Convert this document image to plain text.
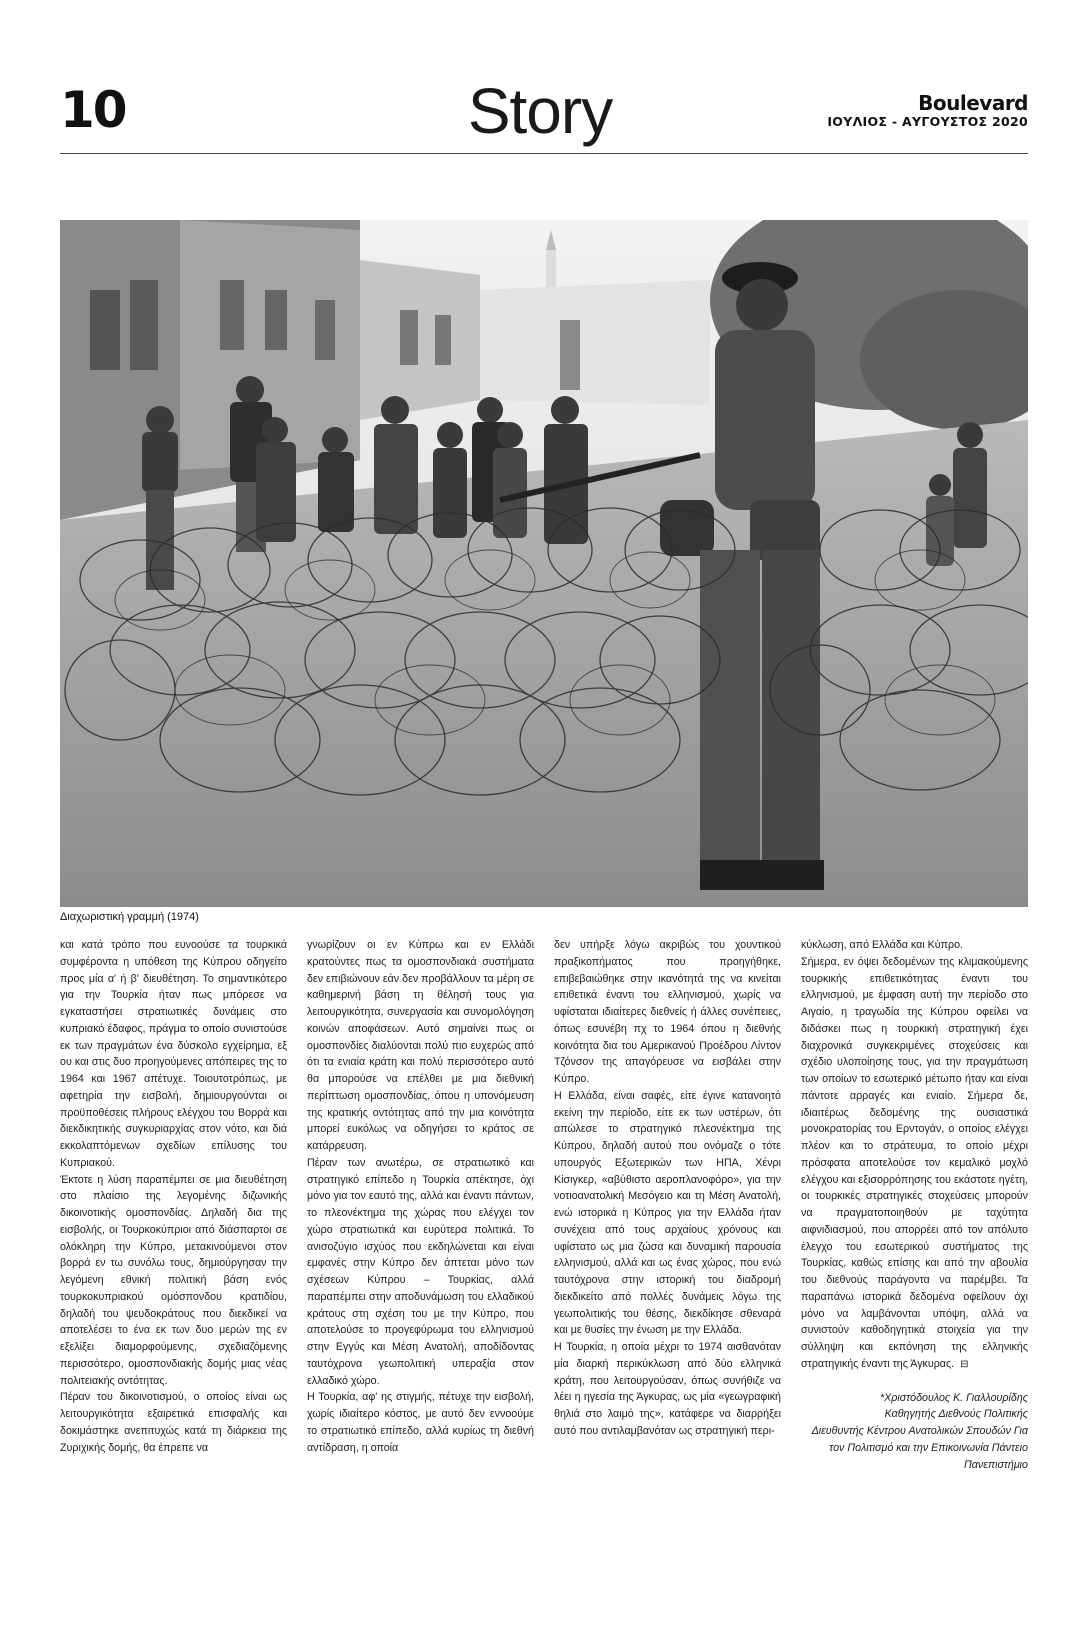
10	Story	Boulevard
ΙΟΥΛΙΟΣ - ΑΥΓΟΥΣΤΟΣ 2020
Διαχωριστική γραμμή (1974)

και κατά τρόπο που ευνοούσε τα τουρκικά συμφέροντα η υπόθεση της Κύπρου οδηγείτο προς μία α' ή β' διευθέτηση. Το σημαντικότερο για την Τουρκία ήταν πως μπόρεσε να εγκαταστήσει στρατιωτικές δυνάμεις στο κυπριακό έδαφος, πράγμα το οποίο συνιστούσε εκ των πραγμάτων ένα δύσκολο εγχείρημα, εξ ου και στις δυο προηγούμενες απόπειρες της το 1964 και 1967 απέτυχε. Τοιουτοτρόπως, με αφετηρία την εισβολή, δημιουργούνται οι προϋποθέσεις πλήρους ελέγχου του Βορρά και διεκδικητικής συγκυριαρχίας στον νότο, και διά εκκολαπτόμενων σχεδίων επίλυσης του Κυπριακού.

Έκτοτε η λύση παραπέμπει σε μια διευθέτηση στο πλαίσιο της λεγομένης διζωνικής δικοινοτικής ομοσπονδίας. Δηλαδή δια της εισβολής, οι Τουρκοκύπριοι από διάσπαρτοι σε ολόκληρη την Κύπρο, μετακινούμενοι στον βορρά εν τω συνόλω τους, δημιούργησαν την λεγόμενη εθνική πολιτική βάση ενός τουρκοκυπριακού ομόσπονδου κρατιδίου, δηλαδή του ψευδοκράτους που διεκδικεί να αποτελέσει το ένα εκ των δυο μερών της εν εξελίξει διαμορφούμενης, σχεδιαζόμενης περισσότερο, ομοσπονδιακής δομής μιας νέας πολιτειακής οντότητας.

Πέραν του δικοινοτισμού, ο οποίος είναι ως λειτουργικότητα εξαιρετικά επισφαλής και δοκιμάστηκε ανεπιτυχώς κατά τη διάρκεια της Ζυριχικής δομής, θα έπρεπε να

γνωρίζουν οι εν Κύπρω και εν Ελλάδι κρατούντες πως τα ομοσπονδιακά συστήματα δεν επιβιώνουν εάν δεν προβάλλουν τα μέρη σε καθημερινή βάση τη θέλησή τους για λειτουργικότητα, συνεργασία και συνομολόγηση κοινών αποφάσεων. Αυτό σημαίνει πως οι ομοσπονδίες διαλύονται πολύ πιο ευχερώς από ότι τα ενιαία κράτη και πολύ περισσότερο αυτό θα μπορούσε να επέλθει με μια διεθνική περίπτωση ομοσπονδίας, όπου η υπονόμευση της κρατικής οντότητας από την μια κοινότητα μπορεί ευκόλως να οδηγήσει το κράτος σε κατάρρευση.

Πέραν των ανωτέρω, σε στρατιωτικό και στρατηγικό επίπεδο η Τουρκία απέκτησε, όχι μόνο για τον εαυτό της, αλλά και έναντι πάντων, το πλεονέκτημα της χώρας που ελέγχει τον χώρο στρατιωτικά και ευρύτερα πολιτικά. Το ανισοζύγιο ισχύος που εκδηλώνεται και είναι εμφανές στην Κύπρο δεν άπτεται μόνο των σχέσεων Κύπρου – Τουρκίας, αλλά παραπέμπει στην αποδυνάμωση του ελλαδικού κράτους στη σχέση του με την Κύπρο, που αποτελούσε το προγεφύρωμα του ελληνισμού στην Εγγύς και Μέση Ανατολή, αποδίδοντας ταυτόχρονα γεωπολιτική υπεραξία στον ελλαδικό χώρο.

Η Τουρκία, αφ' ης στιγμής, πέτυχε την εισβολή, χωρίς ιδιαίτερο κόστος, με αυτό δεν εννοούμε το στρατιωτικό επίπεδο, αλλά κυρίως τη διεθνή αντίδραση, η οποία

δεν υπήρξε λόγω ακριβώς του χουντικού πραξικοπήματος που προηγήθηκε, επιβεβαιώθηκε στην ικανότητά της να κινείται επιθετικά έναντι του ελληνισμού, χωρίς να υφίσταται ιδιαίτερες διεθνείς ή άλλες συνέπειες, όπως εσυνέβη πχ το 1964 όπου η διεθνής κοινότητα δια του Αμερικανού Προέδρου Λίντον Τζόνσον της απαγόρευσε να εισβάλει στην Κύπρο.

Η Ελλάδα, είναι σαφές, είτε έγινε κατανοητό εκείνη την περίοδο, είτε εκ των υστέρων, ότι απώλεσε το στρατηγικό πλεονέκτημα της Κύπρου, δηλαδή αυτού που ονόμαζε ο τότε υπουργός Εξωτερικών των ΗΠΑ, Χένρι Κίσιγκερ, «αβύθιστο αεροπλανοφόρο», για την νοτιοανατολική Μεσόγειο και τη Μέση Ανατολή, ενώ ιστορικά η Κύπρος για την Ελλάδα ήταν συνέχεια από τους αρχαίους χρόνους και υφίστατο ως μια ζώσα και δυναμική παρουσία ελληνισμού, αλλά και ως ένας χώρος, που ενώ ταυτόχρονα στην ιστορική του διαδρομή διεκδικείτο από πολλές δυνάμεις λόγω της γεωπολιτικής του θέσης, διεκδίκησε σθεναρά και με θυσίες την ένωση με την Ελλάδα.

Η Τουρκία, η οποία μέχρι το 1974 αισθανόταν μία διαρκή περικύκλωση από δύο ελληνικά κράτη, που λειτουργούσαν, όπως συνήθιζε να λέει η ηγεσία της Άγκυρας, ως μία «γεωγραφική θηλιά στο λαιμό της», κατάφερε να διαρρήξει αυτό που αντιλαμβανόταν ως στρατηγική περι-

κύκλωση, από Ελλάδα και Κύπρο.

Σήμερα, εν όψει δεδομένων της κλιμακούμενης τουρκικής επιθετικότητας έναντι του ελληνισμού, με έμφαση αυτή την περίοδο στο Αιγαίο, η τραγωδία της Κύπρου οφείλει να διδάσκει πως η τουρκική στρατηγική έχει διαχρονικά συγκεκριμένες στοχεύσεις και σχέδιο υλοποίησης τους, για την πραγμάτωση των οποίων το εσωτερικό μέτωπο ήταν και είναι πάντοτε αρραγές και ενιαίο. Σήμερα δε, ιδιαιτέρως δεδομένης της ουσιαστικά μονοκρατορίας του Ερντογάν, ο οποίος ελέγχει πλέον και το στράτευμα, το οποίο μέχρι πρόσφατα αποτελούσε τον κεμαλικό μοχλό ελέγχου και εξισορρόπησης του εκάστοτε ηγέτη, οι τουρκικές στρατηγικές στοχεύσεις μπορούν να πραγματοποιηθούν με ταχύτητα αιφνιδιασμού, που απορρέει από τον απόλυτο έλεγχο του εσωτερικού συστήματος της Τουρκίας, καθώς επίσης και από την αβουλία του διεθνούς παράγοντα να παρέμβει. Τα παραπάνω ιστορικά δεδομένα οφείλουν όχι μόνο να λαμβάνονται υπόψη, αλλά να συνιστούν καθοδηγητικά στοιχεία για την σύλληψη και εκπόνηση της ελληνικής στρατηγικής έναντι της Άγκυρας. ⊟

*Χριστόδουλος Κ. Γιαλλουρίδης
Καθηγητής Διεθνούς Πολιτικής
Διευθυντής Κέντρου Ανατολικών Σπουδών Για τον Πολιτισμό και την Επικοινωνία Πάντειο Πανεπιστήμιο
